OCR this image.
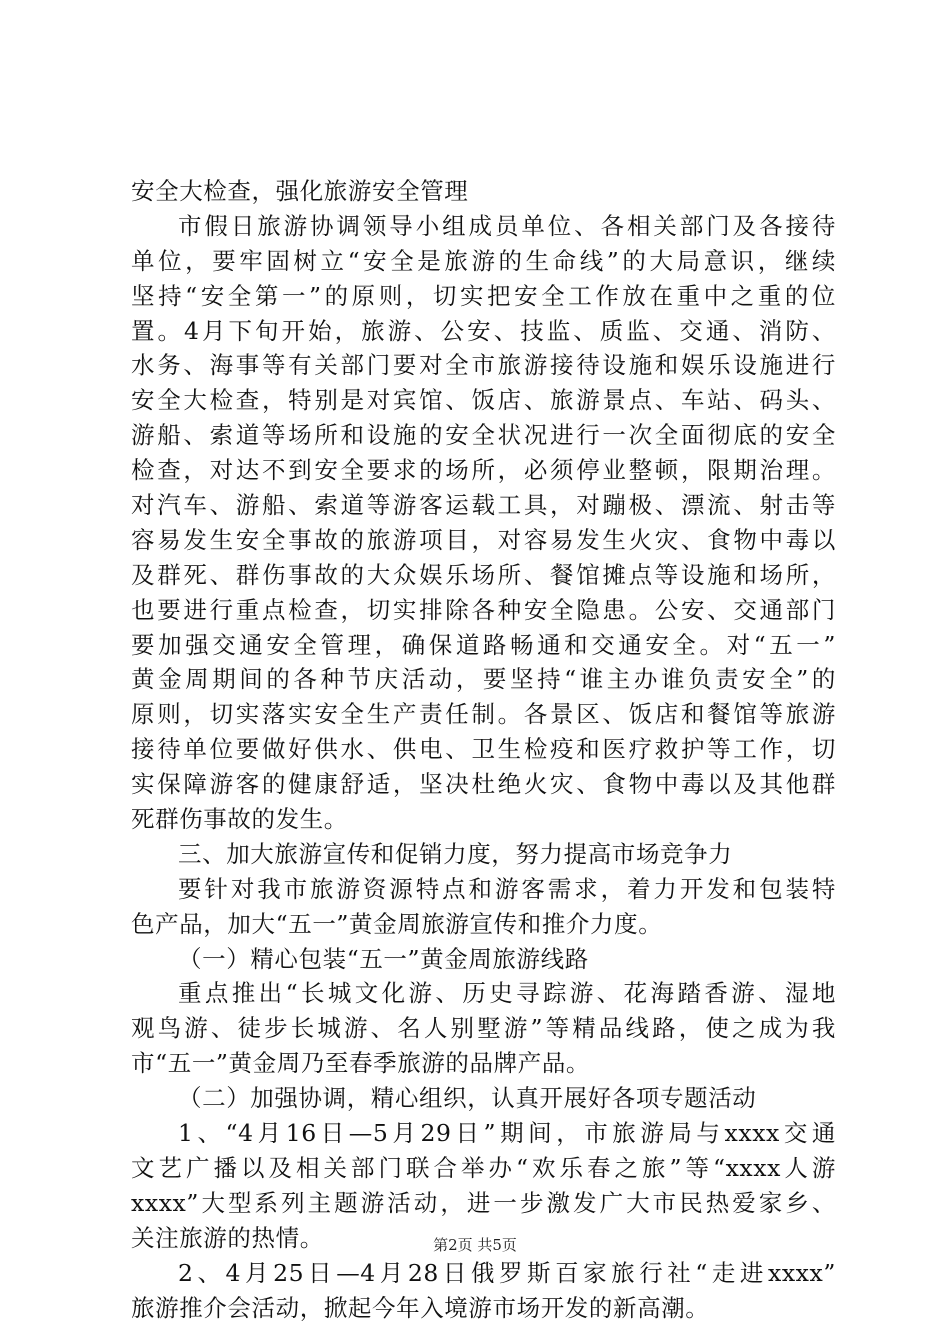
安全大检查，强化旅游安全管理
市假日旅游协调领导小组成员单位、各相关部门及各接待
单位，要牢固树立“安全是旅游的生命线”的大局意识，继续
坚持“安全第一”的原则，切实把安全工作放在重中之重的位
置。4月下旬开始，旅游、公安、技监、质监、交通、消防、
水务、海事等有关部门要对全市旅游接待设施和娱乐设施进行
安全大检查，特别是对宾馆、饭店、旅游景点、车站、码头、
游船、索道等场所和设施的安全状况进行一次全面彻底的安全
检查，对达不到安全要求的场所，必须停业整顿，限期治理。
对汽车、游船、索道等游客运载工具，对蹦极、漂流、射击等
容易发生安全事故的旅游项目，对容易发生火灾、食物中毒以
及群死、群伤事故的大众娱乐场所、餐馆摊点等设施和场所，
也要进行重点检查，切实排除各种安全隐患。公安、交通部门
要加强交通安全管理，确保道路畅通和交通安全。对“五一”
黄金周期间的各种节庆活动，要坚持“谁主办谁负责安全”的
原则，切实落实安全生产责任制。各景区、饭店和餐馆等旅游
接待单位要做好供水、供电、卫生检疫和医疗救护等工作，切
实保障游客的健康舒适，坚决杜绝火灾、食物中毒以及其他群
死群伤事故的发生。
三、加大旅游宣传和促销力度，努力提高市场竞争力
要针对我市旅游资源特点和游客需求，着力开发和包装特
色产品，加大“五一”黄金周旅游宣传和推介力度。
（一）精心包装“五一”黄金周旅游线路
重点推出“长城文化游、历史寻踪游、花海踏香游、湿地
观鸟游、徒步长城游、名人别墅游”等精品线路，使之成为我
市“五一”黄金周乃至春季旅游的品牌产品。
（二）加强协调，精心组织，认真开展好各项专题活动
1、“4月16日—5月29日”期间，市旅游局与xxxx交通
文艺广播以及相关部门联合举办“欢乐春之旅”等“xxxx人游
xxxx”大型系列主题游活动，进一步激发广大市民热爱家乡、
关注旅游的热情。
2、4月25日—4月28日俄罗斯百家旅行社“走进xxxx”
旅游推介会活动，掀起今年入境游市场开发的新高潮。
第2页 共5页
